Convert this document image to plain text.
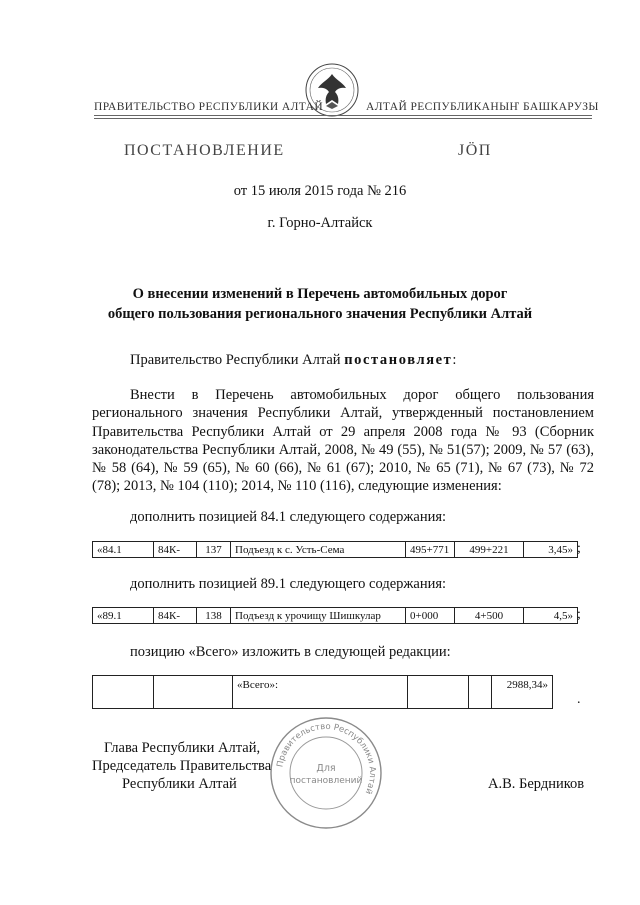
ПРАВИТЕЛЬСТВО РЕСПУБЛИКИ АЛТАЙ	АЛТАЙ РЕСПУБЛИКАНЫҤ БАШКАРУЗЫ
ПОСТАНОВЛЕНИЕ	ЈӦП
от 15 июля 2015 года № 216
г. Горно-Алтайск
О внесении изменений в Перечень автомобильных дорог
общего пользования регионального значения Республики Алтай
Правительство Республики Алтай постановляет:
Внести в Перечень автомобильных дорог общего пользования регионального значения Республики Алтай, утвержденный постановлением Правительства Республики Алтай от 29 апреля 2008 года № 93 (Сборник законодательства Республики Алтай, 2008, № 49 (55), № 51(57); 2009, № 57 (63), № 58 (64), № 59 (65), № 60 (66), № 61 (67); 2010, № 65 (71), № 67 (73), № 72 (78); 2013, № 104 (110); 2014, № 110 (116), следующие изменения:
дополнить позицией 84.1 следующего содержания:
«84.1	84К-	137	Подъезд к с. Усть-Сема	495+771	499+221	3,45» ;
дополнить позицией 89.1 следующего содержания:
«89.1	84К-	138	Подъезд к урочищу Шишкулар	0+000	4+500	4,5» ;
позицию «Всего» изложить в следующей редакции:
		«Всего»:			2988,34»
.
Правительство Республики Алтай
Для
постановлений
Глава Республики Алтай,
Председатель Правительства
Республики Алтай	А.В. Бердников
